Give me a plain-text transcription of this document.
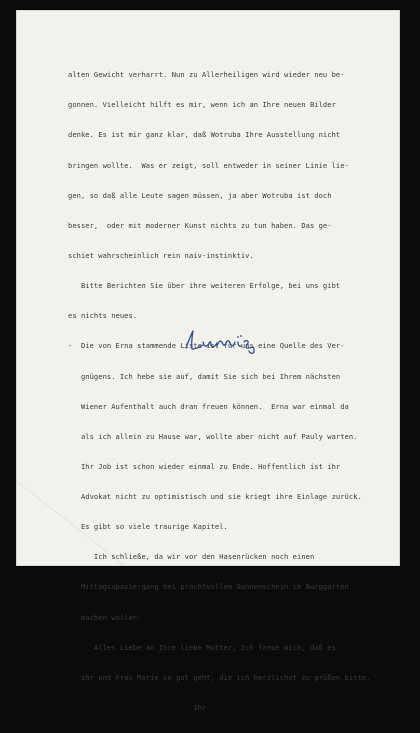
alten Gewicht verharrt. Nun zu Allerheiligen wird wieder neu be-

gonnen. Vielleicht hilft es mir, wenn ich an Ihre neuen Bilder

denke. Es ist mir ganz klar, daß Wotruba Ihre Ausstellung nicht

bringen wollte.  Was er zeigt, soll entweder in seiner Linie lie-

gen, so daß alle Leute sagen müssen, ja aber Wotruba ist doch

besser,  oder mit moderner Kunst nichts zu tun haben. Das ge-

schiet wahrscheinlich rein naiv-instinktiv.

Bitte Berichten Sie über ihre weiteren Erfolge, bei uns gibt

es nichts neues.

-  Die von Erna stammende Liste ist für uns eine Quelle des Ver-

gnügens. Ich hebe sie auf, damit Sie sich bei Ihrem nächsten

Wiener Aufenthalt auch dran freuen können.  Erna war einmal da

als ich allein zu Hause war, wollte aber nicht auf Pauly warten.

Ihr Job ist schon wieder einmal zu Ende. Hoffentlich ist ihr

Advokat nicht zu optimistisch und sie kriegt ihre Einlage zurück.

Es gibt so viele traurige Kapitel.

Ich schließe, da wir vor den Hasenrücken noch einen

Mittagsspaziergang bei prachtvollem Sonnenschein im Burggarten

machen wollen.

Alles Liebe an Ihre liebe Mutter, Ich freue mich, daß es

ihr und Frau Marie so gut geht, die ich herzlichst zu grüßen bitte.

Ihr
